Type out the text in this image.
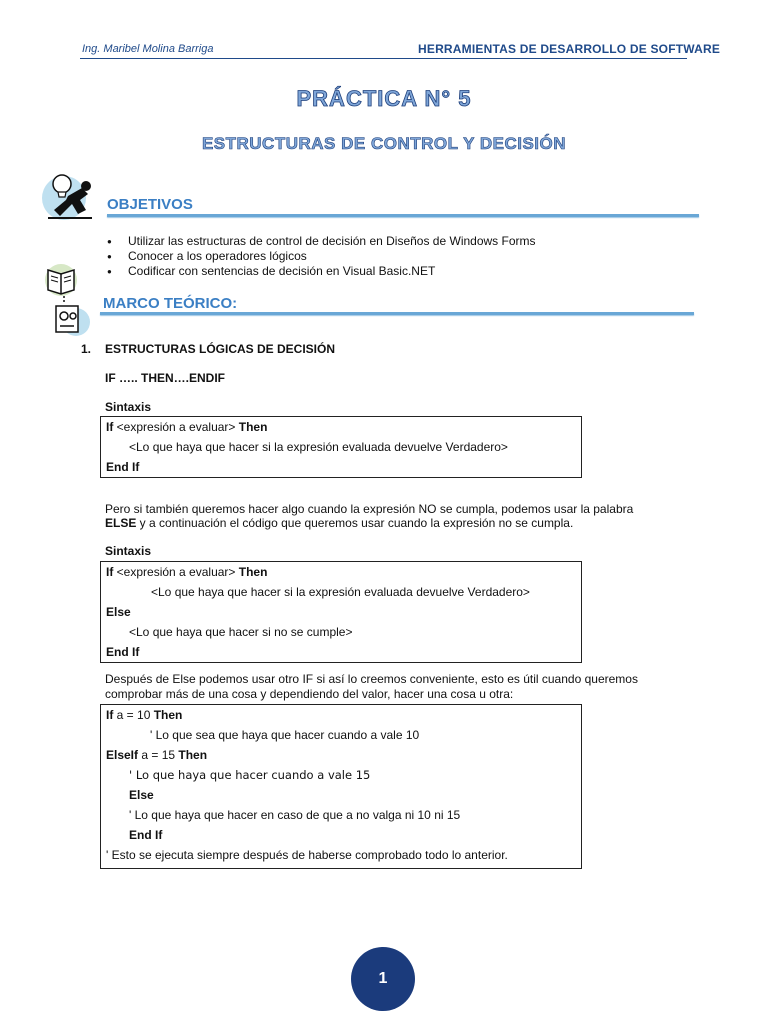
Ing. Maribel Molina Barriga	HERRAMIENTAS DE DESARROLLO DE SOFTWARE
PRÁCTICA N° 5
ESTRUCTURAS DE CONTROL Y DECISIÓN
OBJETIVOS
● Utilizar las estructuras de control de decisión en Diseños de Windows Forms
● Conocer a los operadores lógicos
● Codificar con sentencias de decisión en Visual Basic.NET
MARCO TEÓRICO:
1. ESTRUCTURAS LÓGICAS DE DECISIÓN
IF ….. THEN….ENDIF
Sintaxis
If <expresión a evaluar> Then
<Lo que haya que hacer si la expresión evaluada devuelve Verdadero>
End If
Pero si también queremos hacer algo cuando la expresión NO se cumpla, podemos usar la palabra
ELSE y a continuación el código que queremos usar cuando la expresión no se cumpla.
Sintaxis
If <expresión a evaluar> Then
<Lo que haya que hacer si la expresión evaluada devuelve Verdadero>
Else
<Lo que haya que hacer si no se cumple>
End If
Después de Else podemos usar otro IF si así lo creemos conveniente, esto es útil cuando queremos
comprobar más de una cosa y dependiendo del valor, hacer una cosa u otra:
If a = 10 Then
' Lo que sea que haya que hacer cuando a vale 10
ElseIf a = 15 Then
' Lo que haya que hacer cuando a vale 15
Else
' Lo que haya que hacer en caso de que a no valga ni 10 ni 15
End If
' Esto se ejecuta siempre después de haberse comprobado todo lo anterior.
1
